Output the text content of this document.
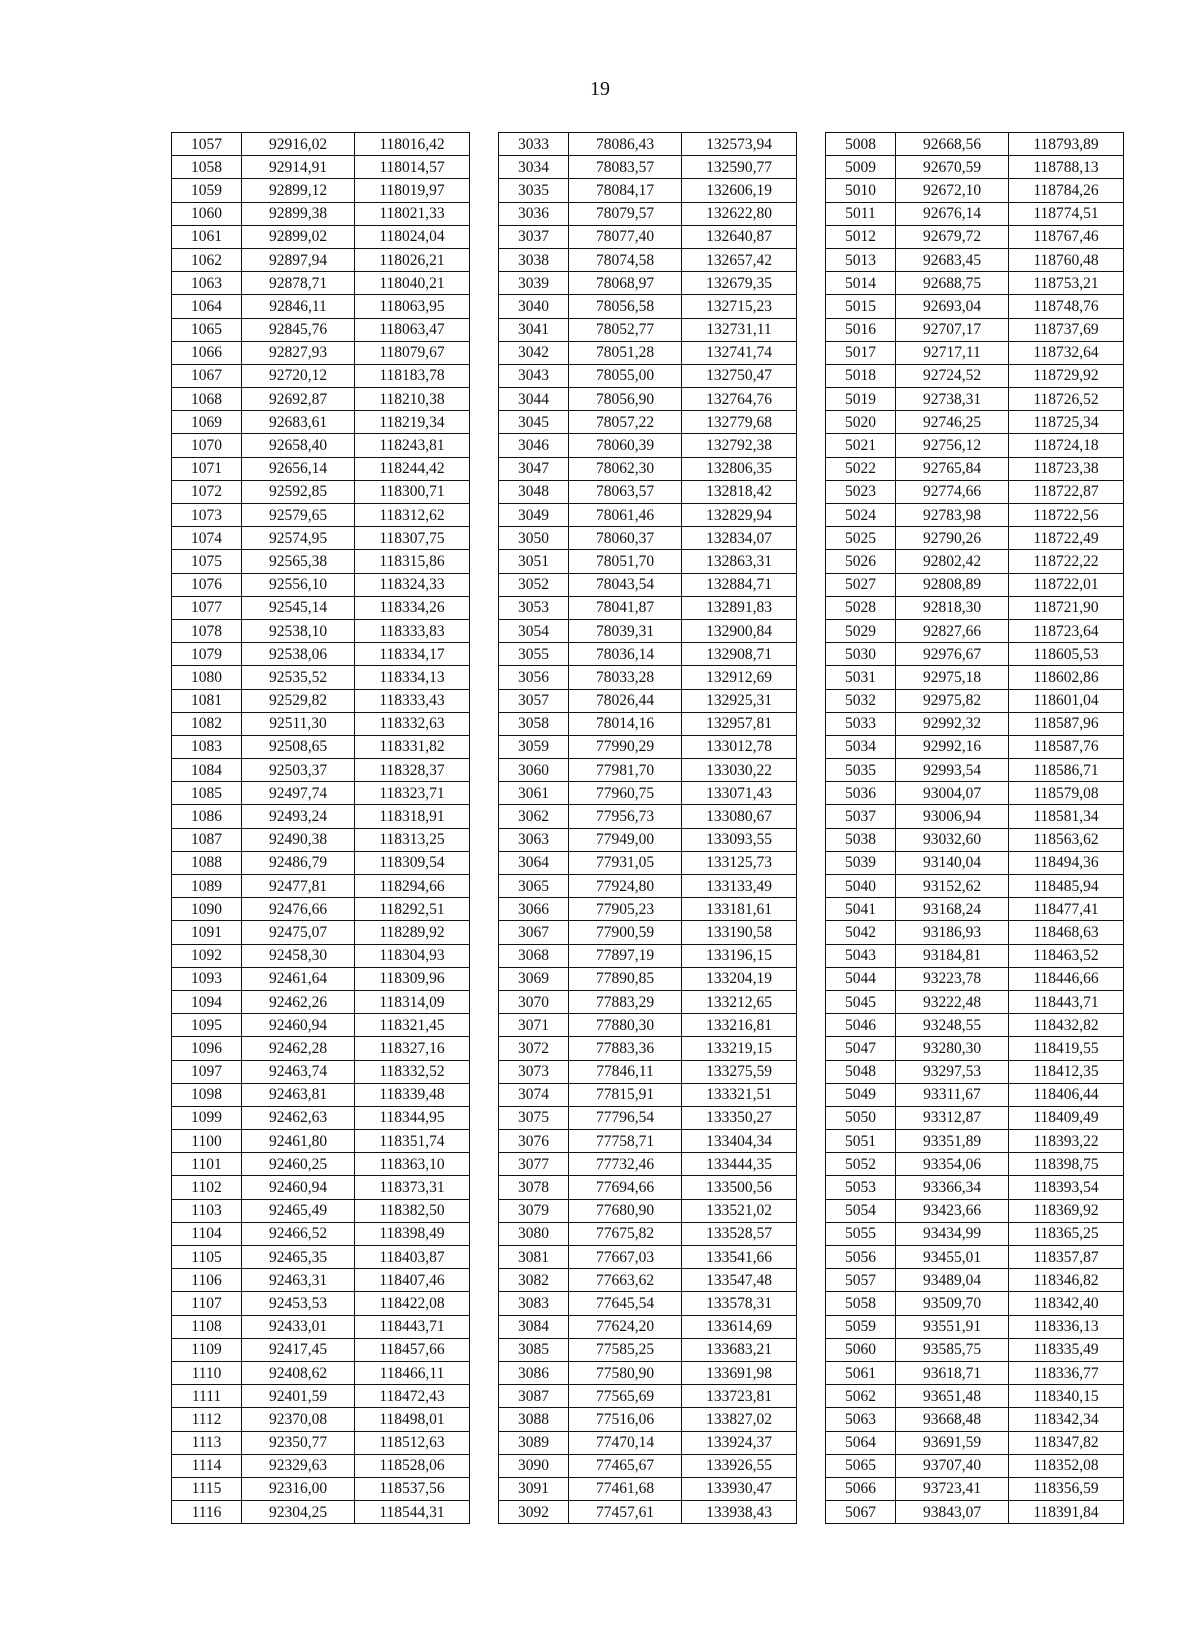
19
1057	92916,02	118016,42		3033	78086,43	132573,94		5008	92668,56	118793,89
1058	92914,91	118014,57		3034	78083,57	132590,77		5009	92670,59	118788,13
1059	92899,12	118019,97		3035	78084,17	132606,19		5010	92672,10	118784,26
1060	92899,38	118021,33		3036	78079,57	132622,80		5011	92676,14	118774,51
1061	92899,02	118024,04		3037	78077,40	132640,87		5012	92679,72	118767,46
1062	92897,94	118026,21		3038	78074,58	132657,42		5013	92683,45	118760,48
1063	92878,71	118040,21		3039	78068,97	132679,35		5014	92688,75	118753,21
1064	92846,11	118063,95		3040	78056,58	132715,23		5015	92693,04	118748,76
1065	92845,76	118063,47		3041	78052,77	132731,11		5016	92707,17	118737,69
1066	92827,93	118079,67		3042	78051,28	132741,74		5017	92717,11	118732,64
1067	92720,12	118183,78		3043	78055,00	132750,47		5018	92724,52	118729,92
1068	92692,87	118210,38		3044	78056,90	132764,76		5019	92738,31	118726,52
1069	92683,61	118219,34		3045	78057,22	132779,68		5020	92746,25	118725,34
1070	92658,40	118243,81		3046	78060,39	132792,38		5021	92756,12	118724,18
1071	92656,14	118244,42		3047	78062,30	132806,35		5022	92765,84	118723,38
1072	92592,85	118300,71		3048	78063,57	132818,42		5023	92774,66	118722,87
1073	92579,65	118312,62		3049	78061,46	132829,94		5024	92783,98	118722,56
1074	92574,95	118307,75		3050	78060,37	132834,07		5025	92790,26	118722,49
1075	92565,38	118315,86		3051	78051,70	132863,31		5026	92802,42	118722,22
1076	92556,10	118324,33		3052	78043,54	132884,71		5027	92808,89	118722,01
1077	92545,14	118334,26		3053	78041,87	132891,83		5028	92818,30	118721,90
1078	92538,10	118333,83		3054	78039,31	132900,84		5029	92827,66	118723,64
1079	92538,06	118334,17		3055	78036,14	132908,71		5030	92976,67	118605,53
1080	92535,52	118334,13		3056	78033,28	132912,69		5031	92975,18	118602,86
1081	92529,82	118333,43		3057	78026,44	132925,31		5032	92975,82	118601,04
1082	92511,30	118332,63		3058	78014,16	132957,81		5033	92992,32	118587,96
1083	92508,65	118331,82		3059	77990,29	133012,78		5034	92992,16	118587,76
1084	92503,37	118328,37		3060	77981,70	133030,22		5035	92993,54	118586,71
1085	92497,74	118323,71		3061	77960,75	133071,43		5036	93004,07	118579,08
1086	92493,24	118318,91		3062	77956,73	133080,67		5037	93006,94	118581,34
1087	92490,38	118313,25		3063	77949,00	133093,55		5038	93032,60	118563,62
1088	92486,79	118309,54		3064	77931,05	133125,73		5039	93140,04	118494,36
1089	92477,81	118294,66		3065	77924,80	133133,49		5040	93152,62	118485,94
1090	92476,66	118292,51		3066	77905,23	133181,61		5041	93168,24	118477,41
1091	92475,07	118289,92		3067	77900,59	133190,58		5042	93186,93	118468,63
1092	92458,30	118304,93		3068	77897,19	133196,15		5043	93184,81	118463,52
1093	92461,64	118309,96		3069	77890,85	133204,19		5044	93223,78	118446,66
1094	92462,26	118314,09		3070	77883,29	133212,65		5045	93222,48	118443,71
1095	92460,94	118321,45		3071	77880,30	133216,81		5046	93248,55	118432,82
1096	92462,28	118327,16		3072	77883,36	133219,15		5047	93280,30	118419,55
1097	92463,74	118332,52		3073	77846,11	133275,59		5048	93297,53	118412,35
1098	92463,81	118339,48		3074	77815,91	133321,51		5049	93311,67	118406,44
1099	92462,63	118344,95		3075	77796,54	133350,27		5050	93312,87	118409,49
1100	92461,80	118351,74		3076	77758,71	133404,34		5051	93351,89	118393,22
1101	92460,25	118363,10		3077	77732,46	133444,35		5052	93354,06	118398,75
1102	92460,94	118373,31		3078	77694,66	133500,56		5053	93366,34	118393,54
1103	92465,49	118382,50		3079	77680,90	133521,02		5054	93423,66	118369,92
1104	92466,52	118398,49		3080	77675,82	133528,57		5055	93434,99	118365,25
1105	92465,35	118403,87		3081	77667,03	133541,66		5056	93455,01	118357,87
1106	92463,31	118407,46		3082	77663,62	133547,48		5057	93489,04	118346,82
1107	92453,53	118422,08		3083	77645,54	133578,31		5058	93509,70	118342,40
1108	92433,01	118443,71		3084	77624,20	133614,69		5059	93551,91	118336,13
1109	92417,45	118457,66		3085	77585,25	133683,21		5060	93585,75	118335,49
1110	92408,62	118466,11		3086	77580,90	133691,98		5061	93618,71	118336,77
1111	92401,59	118472,43		3087	77565,69	133723,81		5062	93651,48	118340,15
1112	92370,08	118498,01		3088	77516,06	133827,02		5063	93668,48	118342,34
1113	92350,77	118512,63		3089	77470,14	133924,37		5064	93691,59	118347,82
1114	92329,63	118528,06		3090	77465,67	133926,55		5065	93707,40	118352,08
1115	92316,00	118537,56		3091	77461,68	133930,47		5066	93723,41	118356,59
1116	92304,25	118544,31		3092	77457,61	133938,43		5067	93843,07	118391,84
